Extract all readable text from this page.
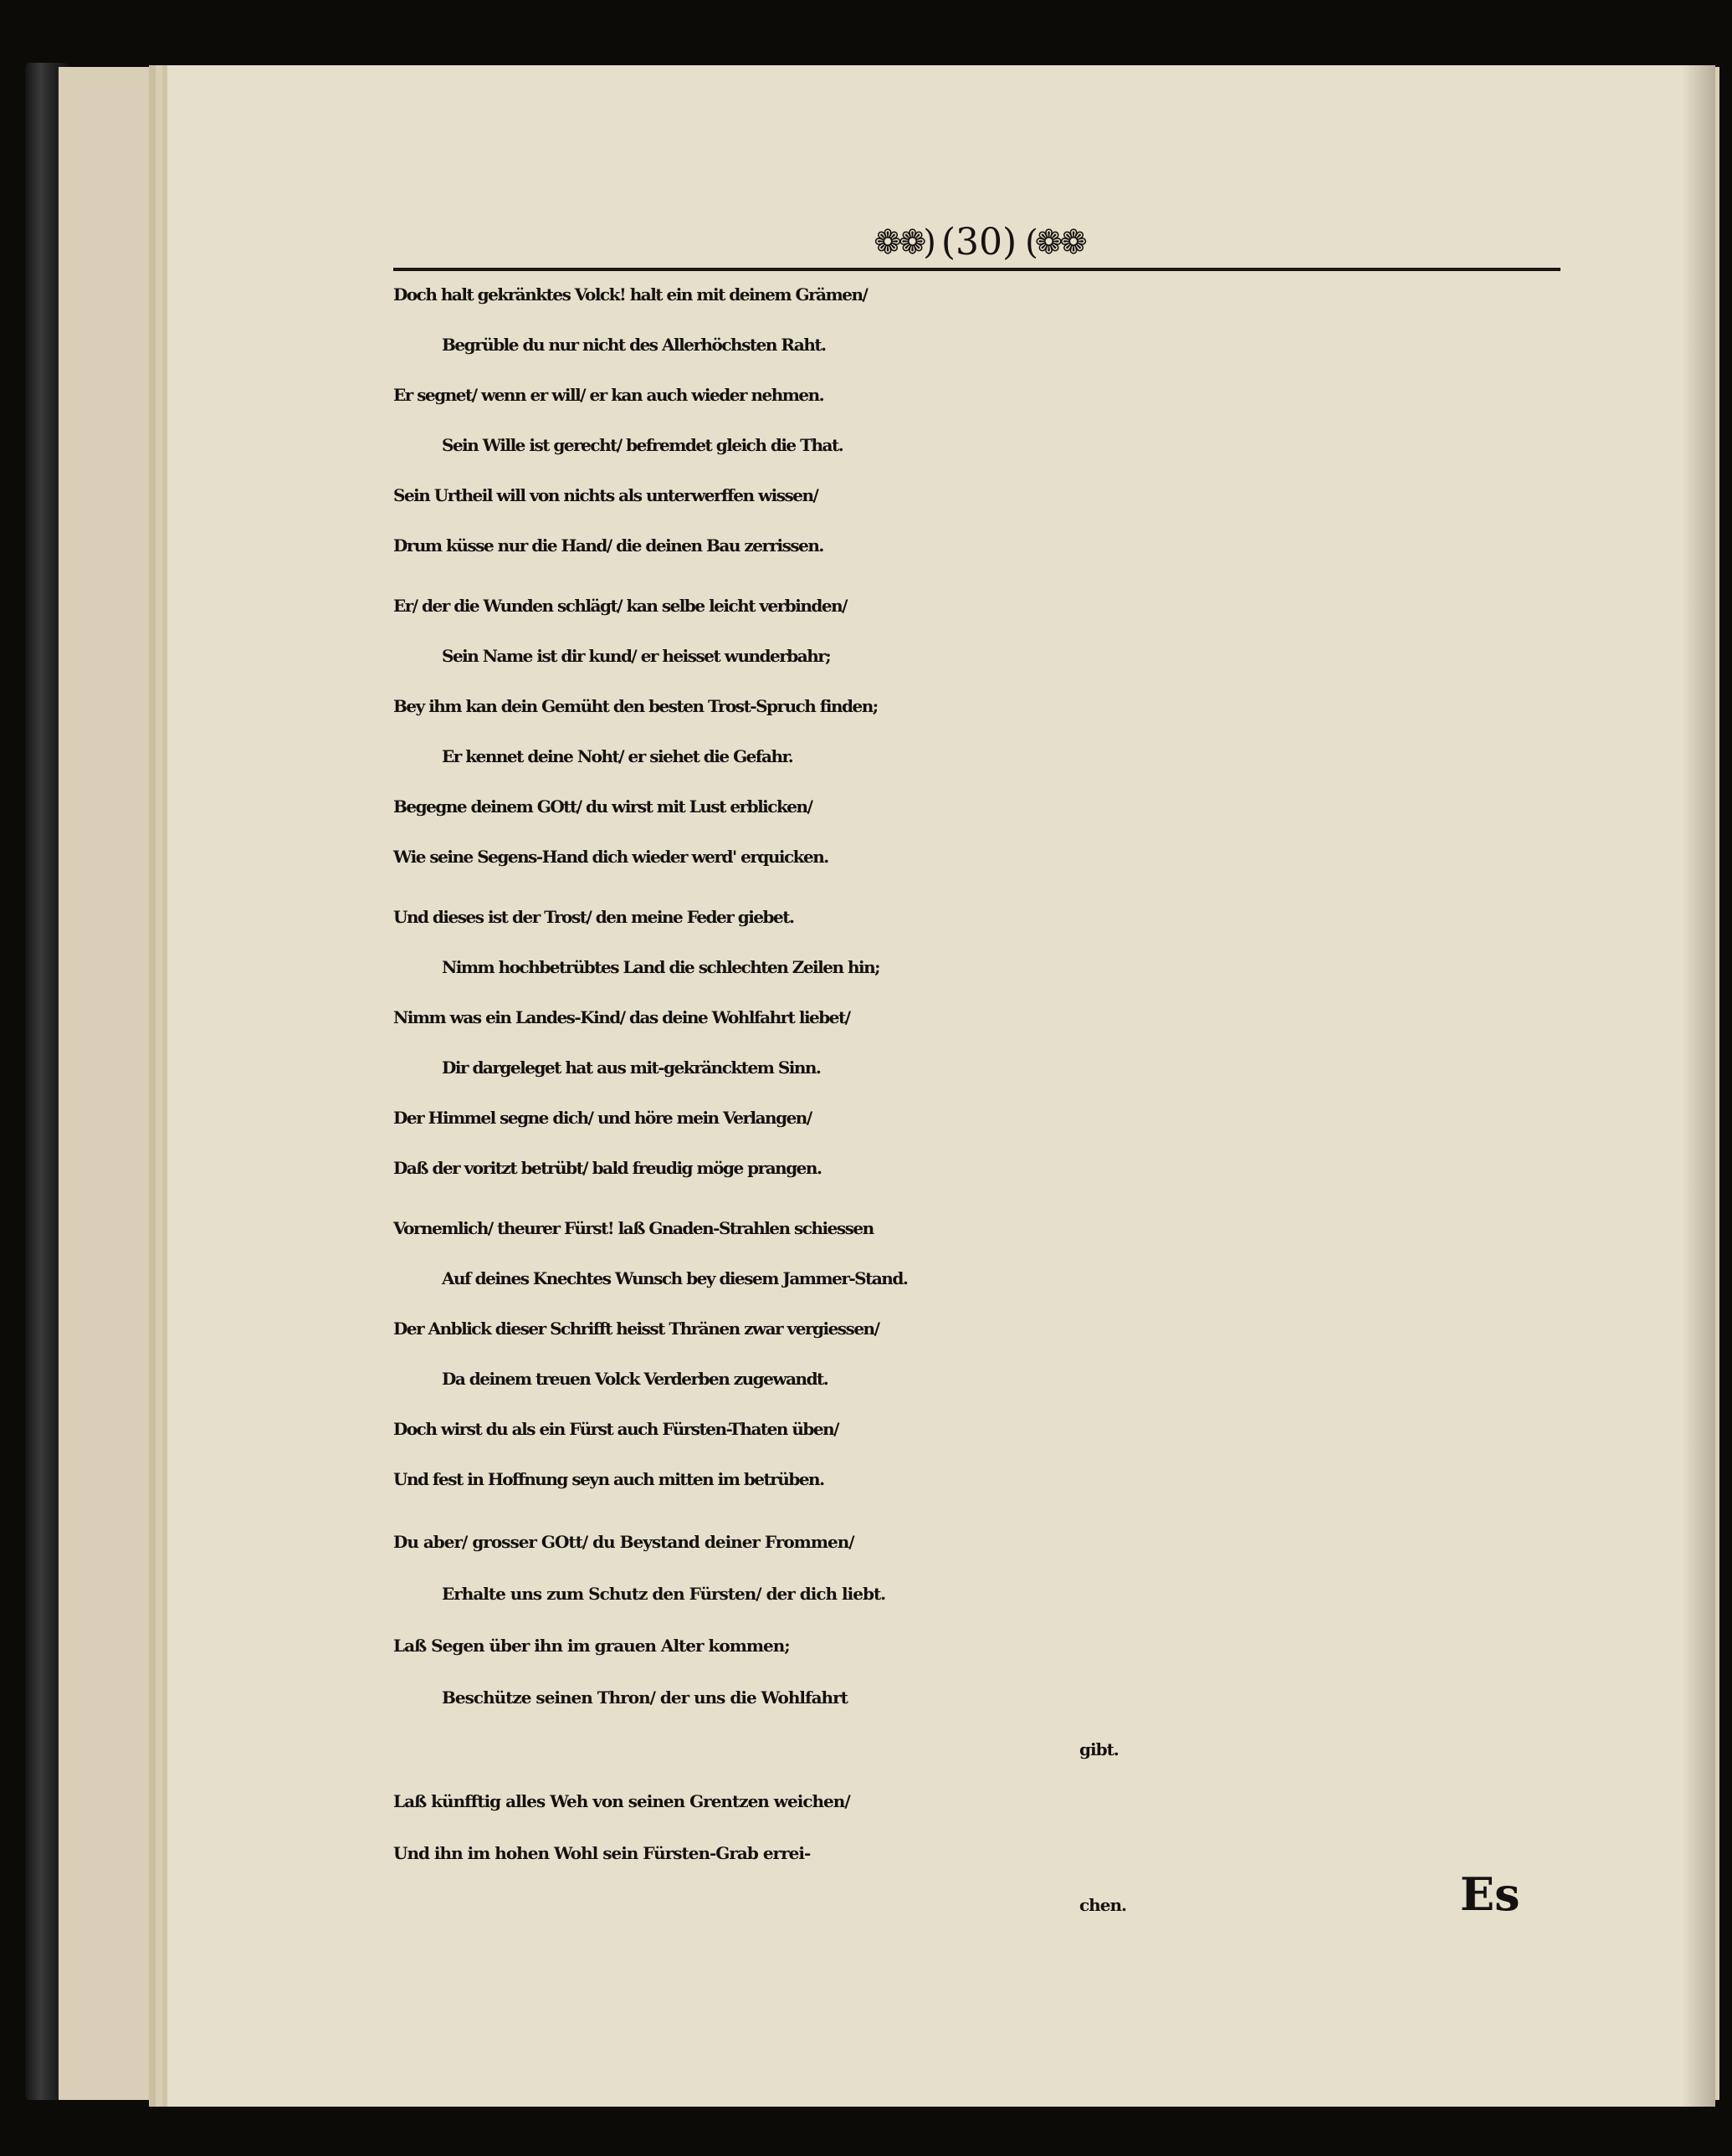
❁❁) (30) (❁❁
Doch halt gekränktes Volck! halt ein mit deinem Grämen/
Begrüble du nur nicht des Allerhöchsten Raht.
Er segnet/ wenn er will/ er kan auch wieder nehmen.
Sein Wille ist gerecht/ befremdet gleich die That.
Sein Urtheil will von nichts als unterwerffen wissen/
Drum küsse nur die Hand/ die deinen Bau zerrissen.
Er/ der die Wunden schlägt/ kan selbe leicht verbinden/
Sein Name ist dir kund/ er heisset wunderbahr;
Bey ihm kan dein Gemüht den besten Trost-Spruch finden;
Er kennet deine Noht/ er siehet die Gefahr.
Begegne deinem GOtt/ du wirst mit Lust erblicken/
Wie seine Segens-Hand dich wieder werd' erquicken.
Und dieses ist der Trost/ den meine Feder giebet.
Nimm hochbetrübtes Land die schlechten Zeilen hin;
Nimm was ein Landes-Kind/ das deine Wohlfahrt liebet/
Dir dargeleget hat aus mit-gekräncktem Sinn.
Der Himmel segne dich/ und höre mein Verlangen/
Daß der voritzt betrübt/ bald freudig möge prangen.
Vornemlich/ theurer Fürst! laß Gnaden-Strahlen schiessen
Auf deines Knechtes Wunsch bey diesem Jammer-Stand.
Der Anblick dieser Schrifft heisst Thränen zwar vergiessen/
Da deinem treuen Volck Verderben zugewandt.
Doch wirst du als ein Fürst auch Fürsten-Thaten üben/
Und fest in Hoffnung seyn auch mitten im betrüben.
Du aber/ grosser GOtt/ du Beystand deiner Frommen/
Erhalte uns zum Schutz den Fürsten/ der dich liebt.
Laß Segen über ihn im grauen Alter kommen;
Beschütze seinen Thron/ der uns die Wohlfahrt
gibt.
Laß künfftig alles Weh von seinen Grentzen weichen/
Und ihn im hohen Wohl sein Fürsten-Grab errei-
chen.	Es
